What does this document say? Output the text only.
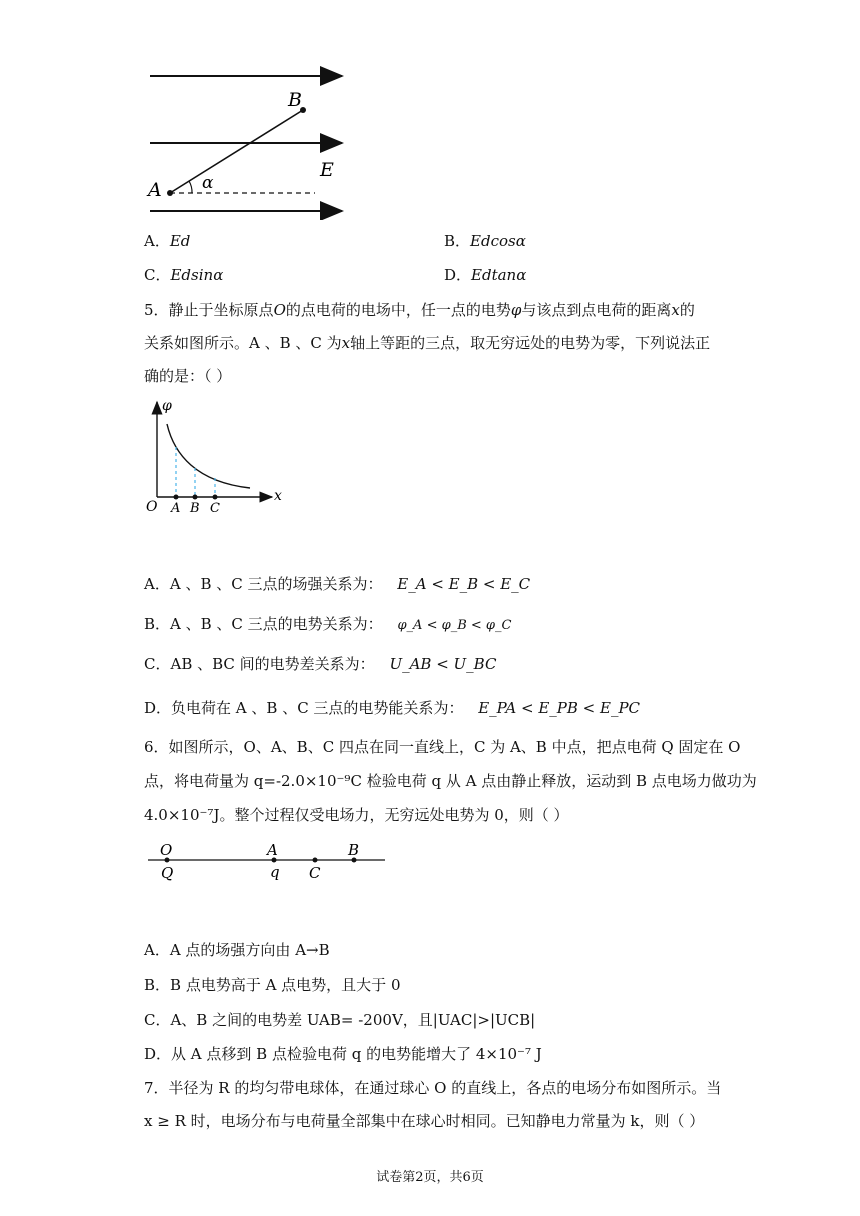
B
A α
E
A．Ed	B．Edcosα
C．Edsinα	D．Edtanα
5．静止于坐标原点O的点电荷的电场中，任一点的电势φ与该点到点电荷的距离x的
关系如图所示。A 、B 、C 为x轴上等距的三点，取无穷远处的电势为零，下列说法正
确的是：（ ）
φ
x
O A B C
A．A 、B 、C 三点的场强关系为： E_A < E_B < E_C
B．A 、B 、C 三点的电势关系为： φ_A < φ_B < φ_C
C．AB 、BC 间的电势差关系为： U_AB < U_BC
D．负电荷在 A 、B 、C 三点的电势能关系为： E_PA < E_PB < E_PC
6．如图所示，O、A、B、C 四点在同一直线上，C 为 A、B 中点，把点电荷 Q 固定在 O
点，将电荷量为 q=-2.0×10⁻⁹C 检验电荷 q 从 A 点由静止释放，运动到 B 点电场力做功为
4.0×10⁻⁷J。整个过程仅受电场力，无穷远处电势为 0，则（ ）
O
Q
A
q C
B
A．A 点的场强方向由 A→B
B．B 点电势高于 A 点电势，且大于 0
C．A、B 之间的电势差 UAB= -200V，且|UAC|>|UCB|
D．从 A 点移到 B 点检验电荷 q 的电势能增大了 4×10⁻⁷ J
7．半径为 R 的均匀带电球体，在通过球心 O 的直线上，各点的电场分布如图所示。当
x ≥ R 时，电场分布与电荷量全部集中在球心时相同。已知静电力常量为 k，则（ ）
试卷第2页，共6页
